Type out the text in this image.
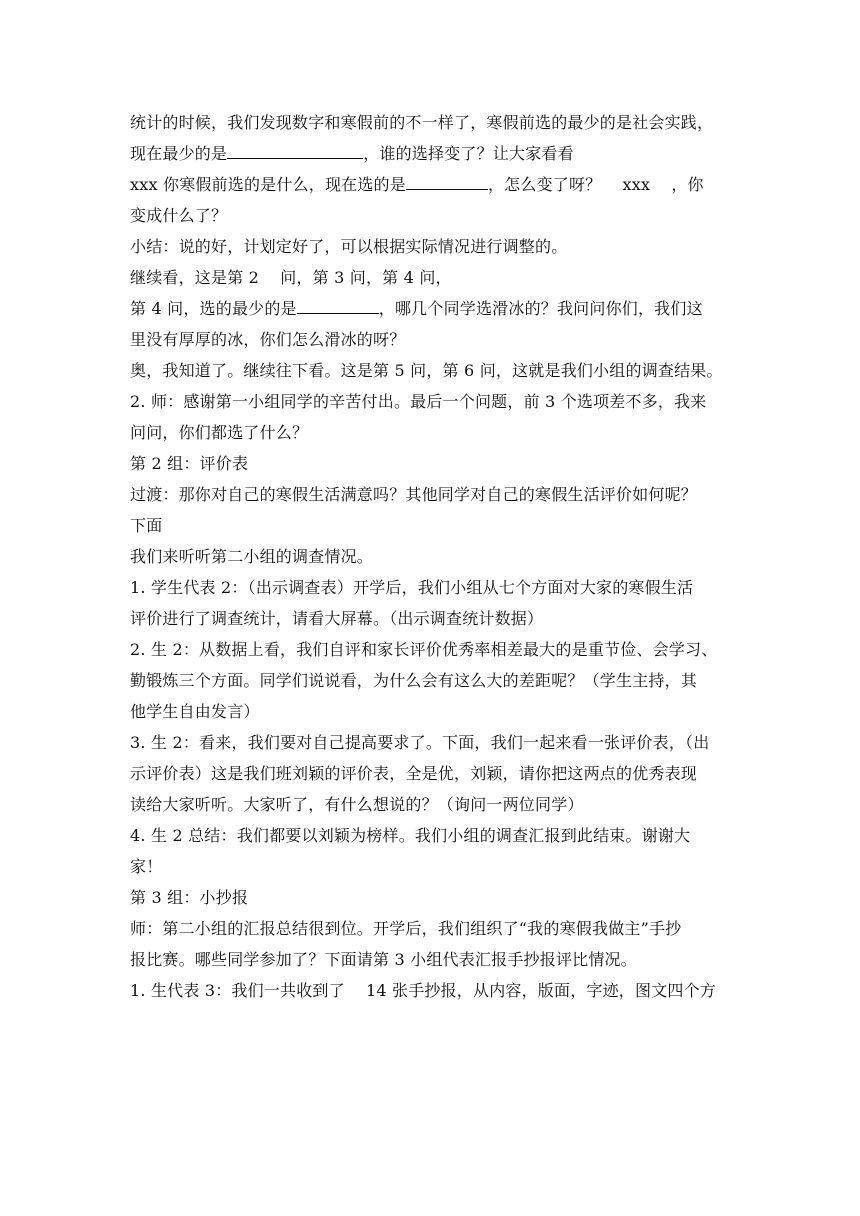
统计的时候，我们发现数字和寒假前的不一样了，寒假前选的最少的是社会实践，
现在最少的是	，谁的选择变了？让大家看看
xxx 你寒假前选的是什么，现在选的是	，怎么变了呀？    xxx    ，你
变成什么了？
小结：说的好，计划定好了，可以根据实际情况进行调整的。
继续看，这是第 2    问，第 3 问，第 4 问，
第 4 问，选的最少的是	，哪几个同学选滑冰的？我问问你们，我们这
里没有厚厚的冰，你们怎么滑冰的呀？
奥，我知道了。继续往下看。这是第 5 问，第 6 问，这就是我们小组的调查结果。
2. 师：感谢第一小组同学的辛苦付出。最后一个问题，前 3 个选项差不多，我来
问问，你们都选了什么？
第 2 组：评价表
过渡：那你对自己的寒假生活满意吗？其他同学对自己的寒假生活评价如何呢？
下面
我们来听听第二小组的调查情况。
1. 学生代表 2：（出示调查表）开学后，我们小组从七个方面对大家的寒假生活
评价进行了调查统计，请看大屏幕。（出示调查统计数据）
2. 生 2：从数据上看，我们自评和家长评价优秀率相差最大的是重节俭、会学习、
勤锻炼三个方面。同学们说说看，为什么会有这么大的差距呢？（学生主持，其
他学生自由发言）
3. 生 2：看来，我们要对自己提高要求了。下面，我们一起来看一张评价表，（出
示评价表）这是我们班刘颖的评价表，全是优，刘颖，请你把这两点的优秀表现
读给大家听听。大家听了，有什么想说的？（询问一两位同学）
4. 生 2 总结：我们都要以刘颖为榜样。我们小组的调查汇报到此结束。谢谢大
家！
第 3 组：小抄报
师：第二小组的汇报总结很到位。开学后，我们组织了“我的寒假我做主”手抄
报比赛。哪些同学参加了？下面请第 3 小组代表汇报手抄报评比情况。
1. 生代表 3：我们一共收到了    14 张手抄报，从内容，版面，字迹，图文四个方
